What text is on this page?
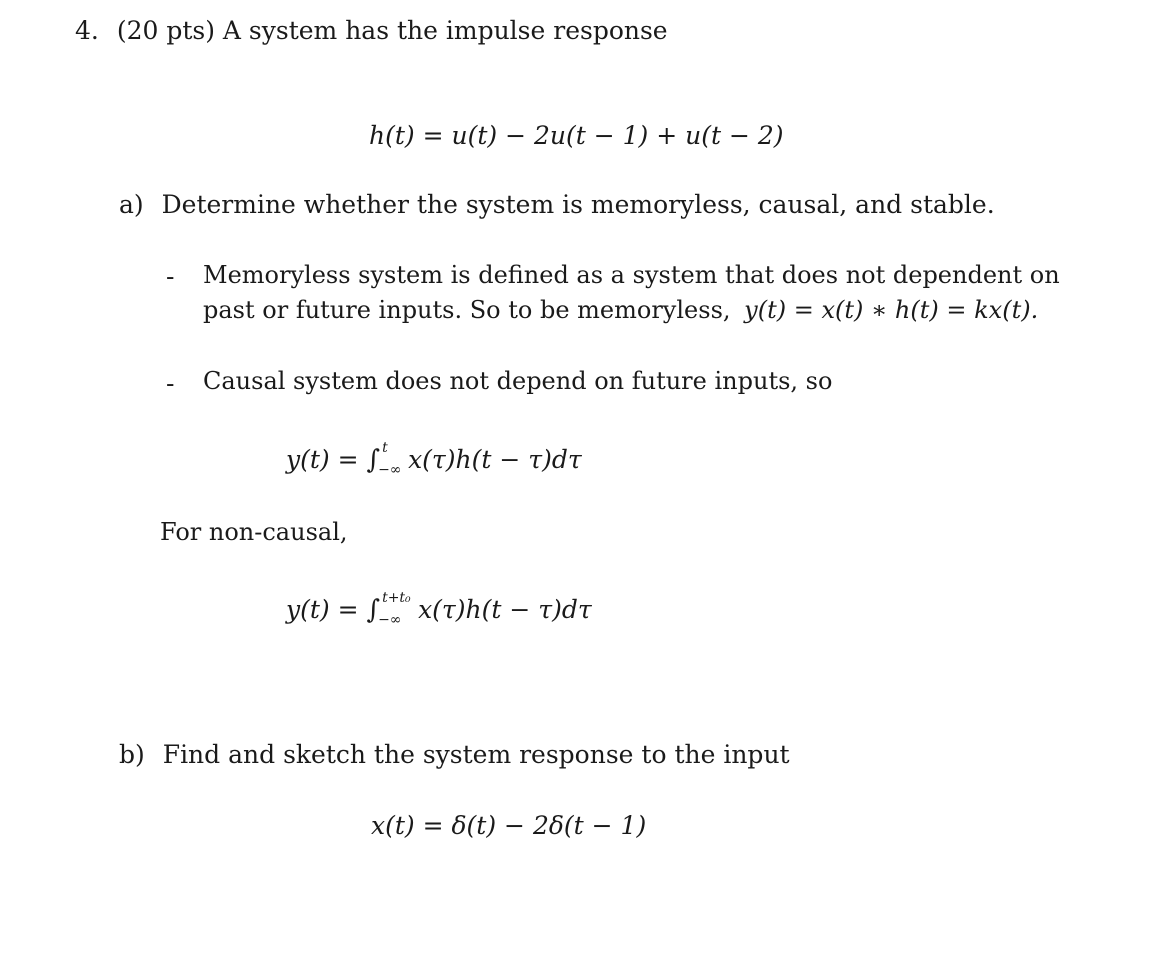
4. (20 pts) A system has the impulse response
h(t) = u(t) − 2u(t − 1) + u(t − 2)
a) Determine whether the system is memoryless, causal, and stable.
- Memoryless system is defined as a system that does not dependent on
past or future inputs. So to be memoryless, y(t) = x(t) ∗ h(t) = kx(t).
- Causal system does not depend on future inputs, so
y(t) = ∫ t
−∞ x(τ)h(t − τ)dτ
For non-causal,
y(t) = ∫ t+t₀
−∞ x(τ)h(t − τ)dτ
b) Find and sketch the system response to the input
x(t) = δ(t) − 2δ(t − 1)
